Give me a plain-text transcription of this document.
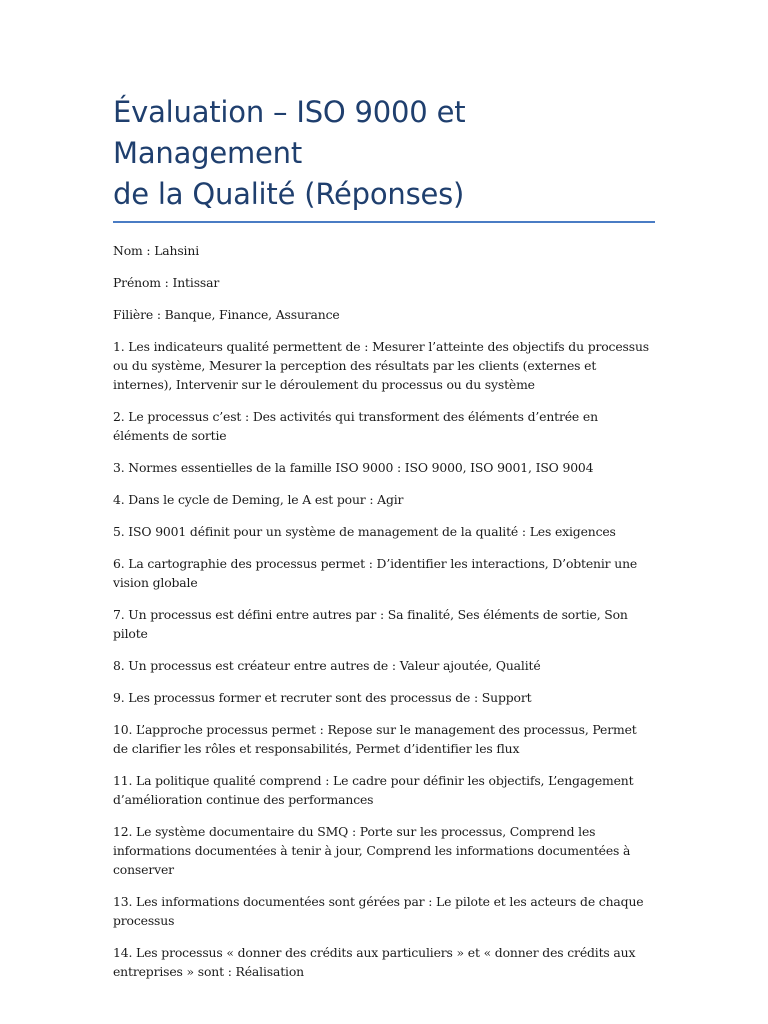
Évaluation – ISO 9000 et Management
de la Qualité (Réponses)

Nom : Lahsini

Prénom : Intissar

Filière : Banque, Finance, Assurance

1. Les indicateurs qualité permettent de : Mesurer l’atteinte des objectifs du processus ou du système, Mesurer la perception des résultats par les clients (externes et internes), Intervenir sur le déroulement du processus ou du système

2. Le processus c’est : Des activités qui transforment des éléments d’entrée en éléments de sortie

3. Normes essentielles de la famille ISO 9000 : ISO 9000, ISO 9001, ISO 9004

4. Dans le cycle de Deming, le A est pour : Agir

5. ISO 9001 définit pour un système de management de la qualité : Les exigences

6. La cartographie des processus permet : D’identifier les interactions, D’obtenir une vision globale

7. Un processus est défini entre autres par : Sa finalité, Ses éléments de sortie, Son pilote

8. Un processus est créateur entre autres de : Valeur ajoutée, Qualité

9. Les processus former et recruter sont des processus de : Support

10. L’approche processus permet : Repose sur le management des processus, Permet de clarifier les rôles et responsabilités, Permet d’identifier les flux

11. La politique qualité comprend : Le cadre pour définir les objectifs, L’engagement d’amélioration continue des performances

12. Le système documentaire du SMQ : Porte sur les processus, Comprend les informations documentées à tenir à jour, Comprend les informations documentées à conserver

13. Les informations documentées sont gérées par : Le pilote et les acteurs de chaque processus

14. Les processus « donner des crédits aux particuliers » et « donner des crédits aux entreprises » sont : Réalisation
